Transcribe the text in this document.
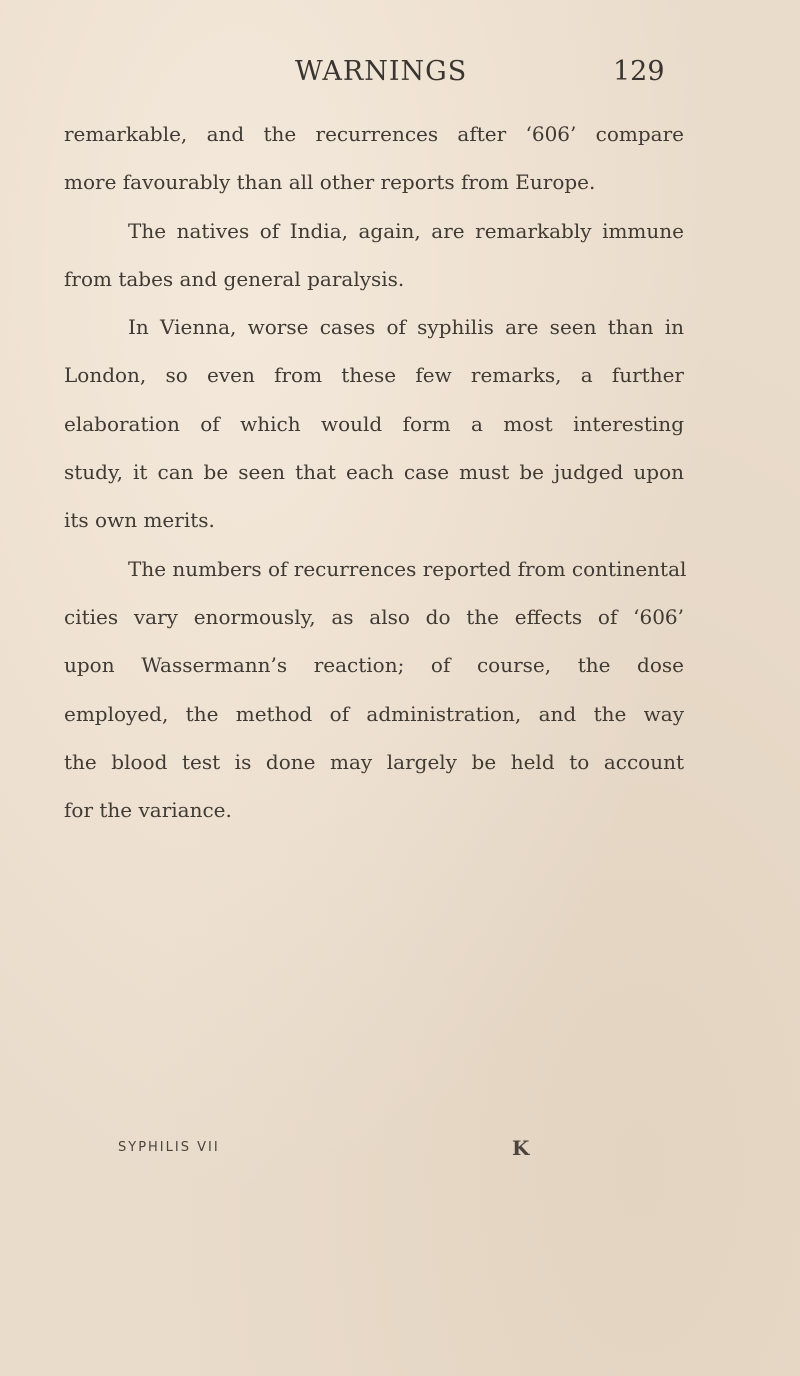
WARNINGS	129
remarkable, and the recurrences after ‘606’ compare
more favourably than all other reports from Europe.
The natives of India, again, are remarkably immune
from tabes and general paralysis.
In Vienna, worse cases of syphilis are seen than in
London, so even from these few remarks, a further
elaboration of which would form a most interesting
study, it can be seen that each case must be judged upon
its own merits.
The numbers of recurrences reported from continental
cities vary enormously, as also do the effects of ‘606’
upon Wassermann’s reaction; of course, the dose
employed, the method of administration, and the way
the blood test is done may largely be held to account
for the variance.
SYPHILIS VII	K
